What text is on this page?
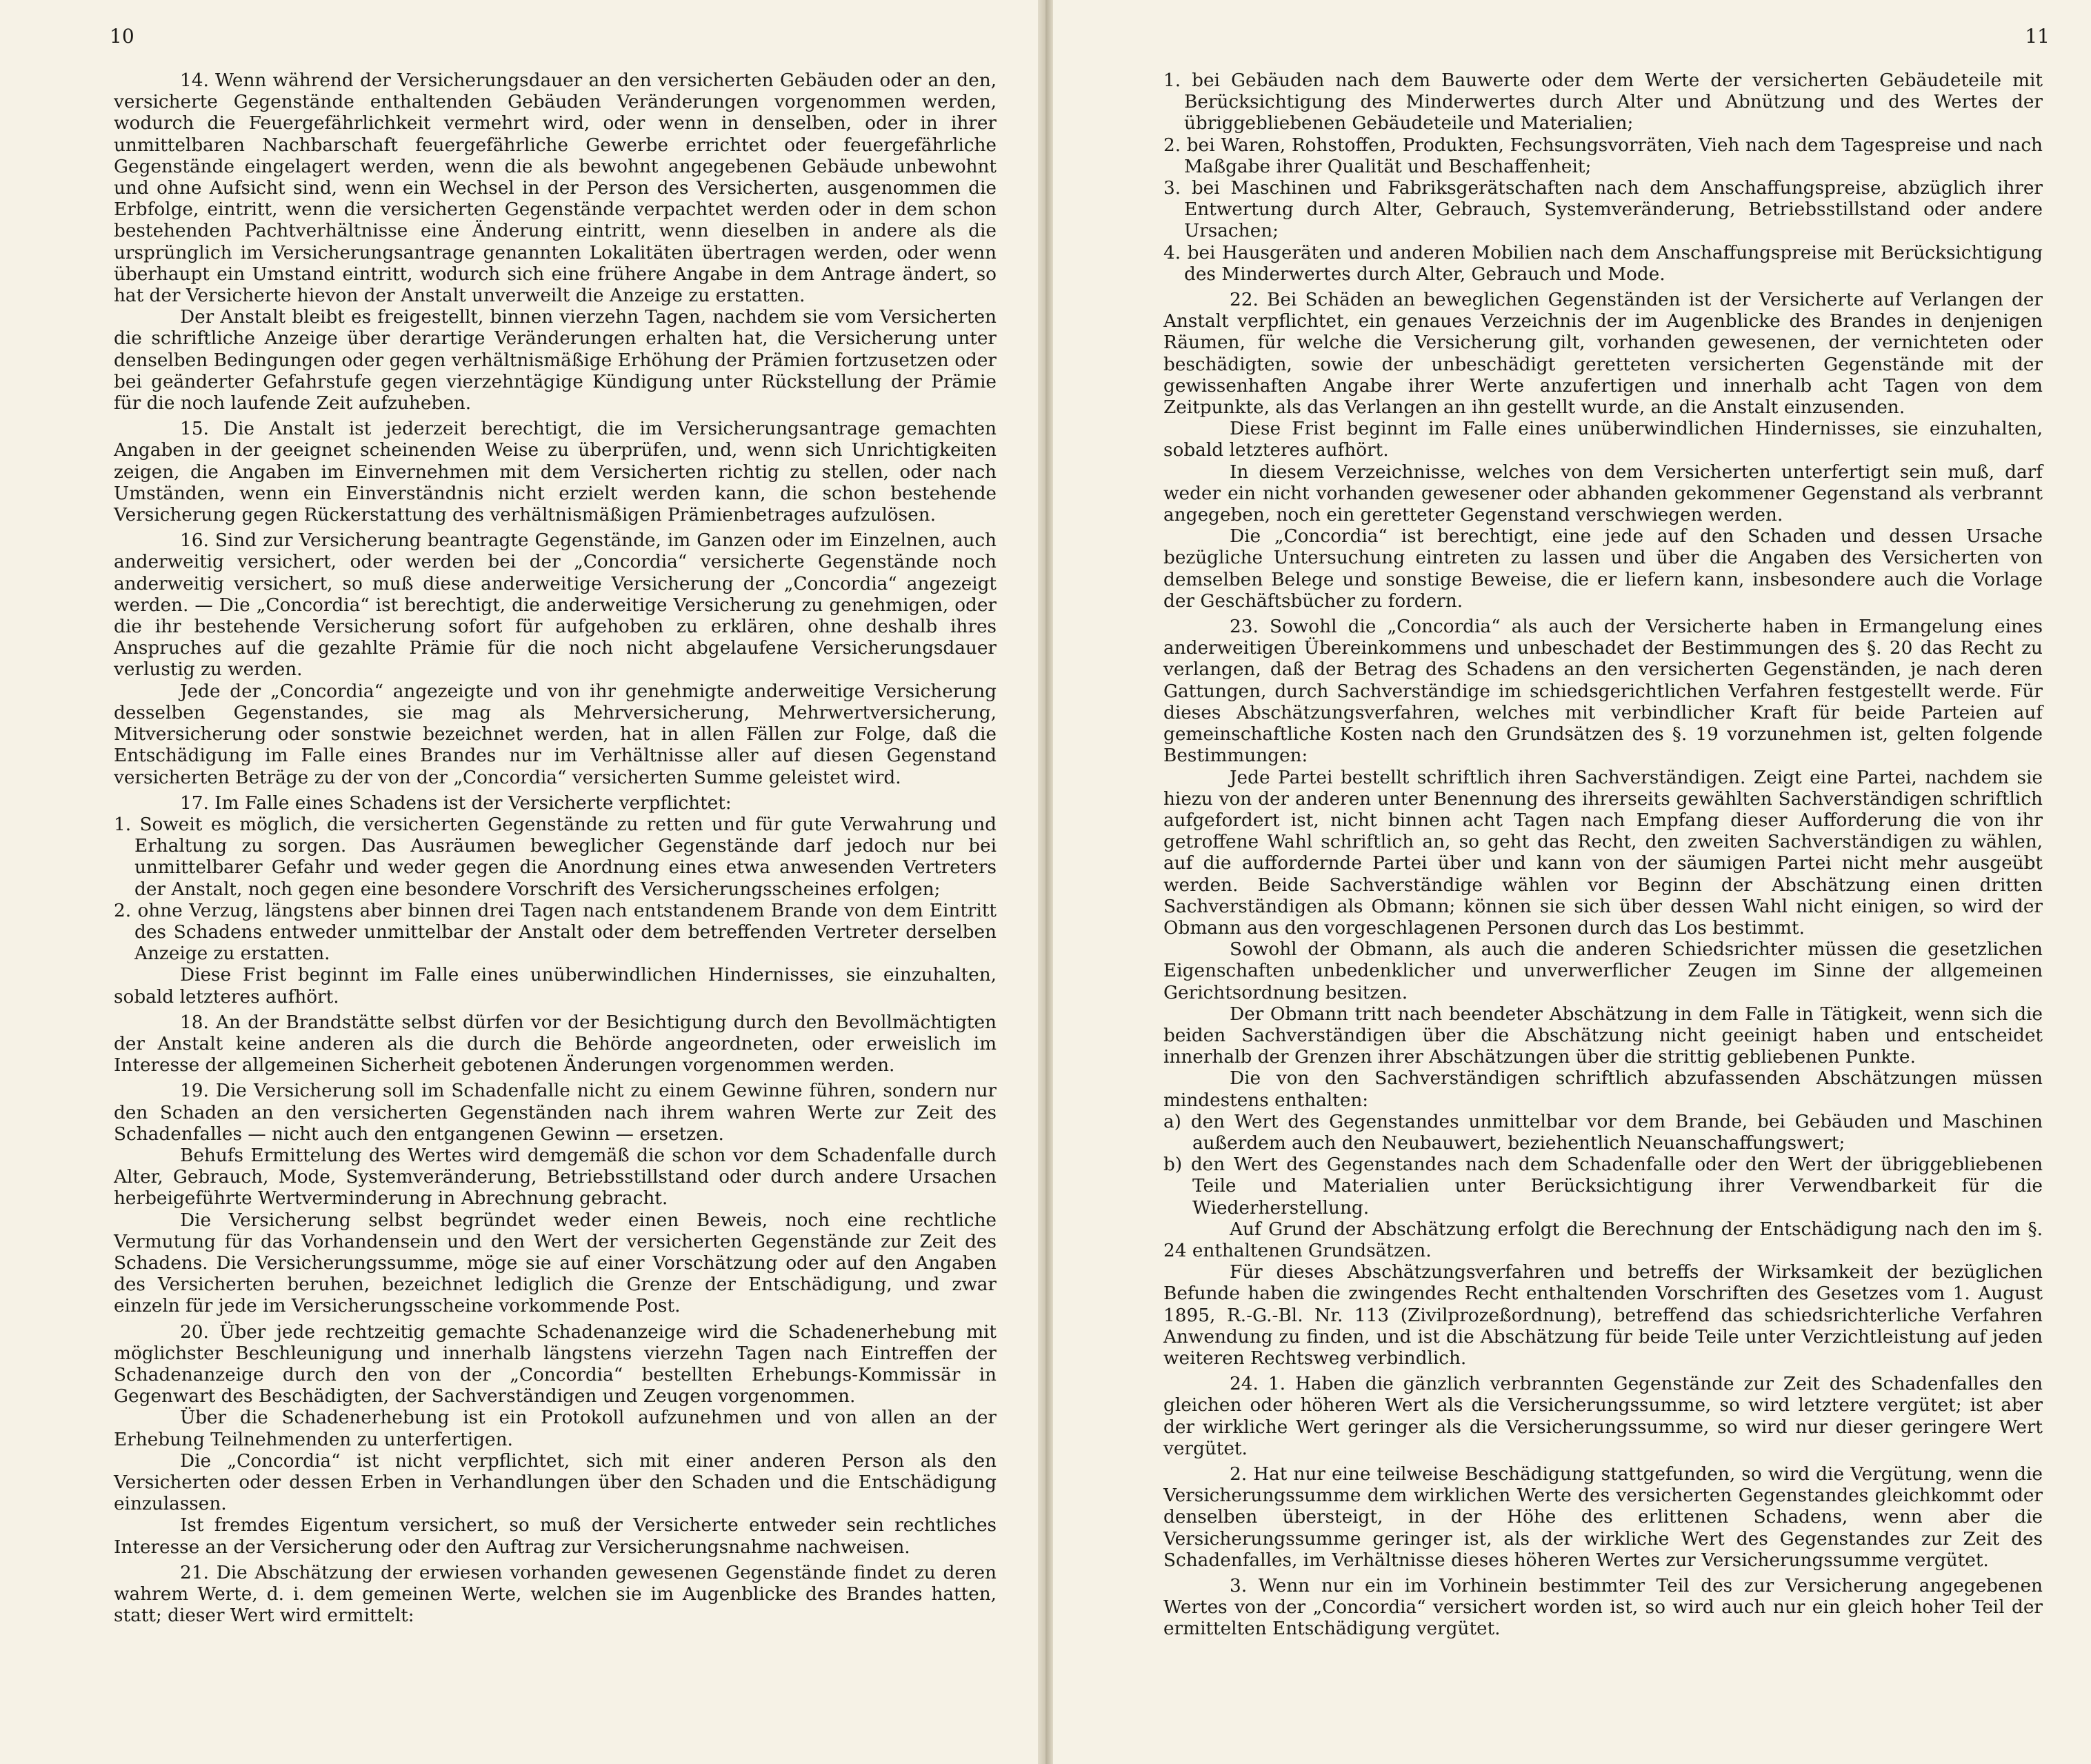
10

14. Wenn während der Versicherungsdauer an den versicherten Gebäuden oder an den, versicherte Gegenstände enthaltenden Gebäuden Veränderungen vorgenommen werden, wodurch die Feuergefährlichkeit vermehrt wird, oder wenn in denselben, oder in ihrer unmittelbaren Nachbarschaft feuergefährliche Gewerbe errichtet oder feuergefährliche Gegenstände eingelagert werden, wenn die als bewohnt angegebenen Gebäude unbewohnt und ohne Aufsicht sind, wenn ein Wechsel in der Person des Versicherten, ausgenommen die Erbfolge, eintritt, wenn die versicherten Gegenstände verpachtet werden oder in dem schon bestehenden Pachtverhältnisse eine Änderung eintritt, wenn dieselben in andere als die ursprünglich im Versicherungsantrage genannten Lokalitäten übertragen werden, oder wenn überhaupt ein Umstand eintritt, wodurch sich eine frühere Angabe in dem Antrage ändert, so hat der Versicherte hievon der Anstalt unverweilt die Anzeige zu erstatten.

Der Anstalt bleibt es freigestellt, binnen vierzehn Tagen, nachdem sie vom Versicherten die schriftliche Anzeige über derartige Veränderungen erhalten hat, die Versicherung unter denselben Bedingungen oder gegen verhältnismäßige Erhöhung der Prämien fortzusetzen oder bei geänderter Gefahrstufe gegen vierzehntägige Kündigung unter Rückstellung der Prämie für die noch laufende Zeit aufzuheben.

15. Die Anstalt ist jederzeit berechtigt, die im Versicherungsantrage gemachten Angaben in der geeignet scheinenden Weise zu überprüfen, und, wenn sich Unrichtigkeiten zeigen, die Angaben im Einvernehmen mit dem Versicherten richtig zu stellen, oder nach Umständen, wenn ein Einverständnis nicht erzielt werden kann, die schon bestehende Versicherung gegen Rückerstattung des verhältnismäßigen Prämienbetrages aufzulösen.

16. Sind zur Versicherung beantragte Gegenstände, im Ganzen oder im Einzelnen, auch anderweitig versichert, oder werden bei der „Concordia“ versicherte Gegenstände noch anderweitig versichert, so muß diese anderweitige Versicherung der „Concordia“ angezeigt werden. — Die „Concordia“ ist berechtigt, die anderweitige Versicherung zu genehmigen, oder die ihr bestehende Versicherung sofort für aufgehoben zu erklären, ohne deshalb ihres Anspruches auf die gezahlte Prämie für die noch nicht abgelaufene Versicherungsdauer verlustig zu werden.

Jede der „Concordia“ angezeigte und von ihr genehmigte anderweitige Versicherung desselben Gegenstandes, sie mag als Mehrversicherung, Mehrwertversicherung, Mitversicherung oder sonstwie bezeichnet werden, hat in allen Fällen zur Folge, daß die Entschädigung im Falle eines Brandes nur im Verhältnisse aller auf diesen Gegenstand versicherten Beträge zu der von der „Concordia“ versicherten Summe geleistet wird.

17. Im Falle eines Schadens ist der Versicherte verpflichtet:

1. Soweit es möglich, die versicherten Gegenstände zu retten und für gute Verwahrung und Erhaltung zu sorgen. Das Ausräumen beweglicher Gegenstände darf jedoch nur bei unmittelbarer Gefahr und weder gegen die Anordnung eines etwa anwesenden Vertreters der Anstalt, noch gegen eine besondere Vorschrift des Versicherungsscheines erfolgen;

2. ohne Verzug, längstens aber binnen drei Tagen nach entstandenem Brande von dem Eintritt des Schadens entweder unmittelbar der Anstalt oder dem betreffenden Vertreter derselben Anzeige zu erstatten.

Diese Frist beginnt im Falle eines unüberwindlichen Hindernisses, sie einzuhalten, sobald letzteres aufhört.

18. An der Brandstätte selbst dürfen vor der Besichtigung durch den Bevollmächtigten der Anstalt keine anderen als die durch die Behörde angeordneten, oder erweislich im Interesse der allgemeinen Sicherheit gebotenen Änderungen vorgenommen werden.

19. Die Versicherung soll im Schadenfalle nicht zu einem Gewinne führen, sondern nur den Schaden an den versicherten Gegenständen nach ihrem wahren Werte zur Zeit des Schadenfalles — nicht auch den entgangenen Gewinn — ersetzen.

Behufs Ermittelung des Wertes wird demgemäß die schon vor dem Schadenfalle durch Alter, Gebrauch, Mode, Systemveränderung, Betriebsstillstand oder durch andere Ursachen herbeigeführte Wertverminderung in Abrechnung gebracht.

Die Versicherung selbst begründet weder einen Beweis, noch eine rechtliche Vermutung für das Vorhandensein und den Wert der versicherten Gegenstände zur Zeit des Schadens. Die Versicherungssumme, möge sie auf einer Vorschätzung oder auf den Angaben des Versicherten beruhen, bezeichnet lediglich die Grenze der Entschädigung, und zwar einzeln für jede im Versicherungsscheine vorkommende Post.

20. Über jede rechtzeitig gemachte Schadenanzeige wird die Schadenerhebung mit möglichster Beschleunigung und innerhalb längstens vierzehn Tagen nach Eintreffen der Schadenanzeige durch den von der „Concordia“ bestellten Erhebungs-Kommissär in Gegenwart des Beschädigten, der Sachverständigen und Zeugen vorgenommen.

Über die Schadenerhebung ist ein Protokoll aufzunehmen und von allen an der Erhebung Teilnehmenden zu unterfertigen.

Die „Concordia“ ist nicht verpflichtet, sich mit einer anderen Person als den Versicherten oder dessen Erben in Verhandlungen über den Schaden und die Entschädigung einzulassen.

Ist fremdes Eigentum versichert, so muß der Versicherte entweder sein rechtliches Interesse an der Versicherung oder den Auftrag zur Versicherungsnahme nachweisen.

21. Die Abschätzung der erwiesen vorhanden gewesenen Gegenstände findet zu deren wahrem Werte, d. i. dem gemeinen Werte, welchen sie im Augenblicke des Brandes hatten, statt; dieser Wert wird ermittelt:

11

1. bei Gebäuden nach dem Bauwerte oder dem Werte der versicherten Gebäudeteile mit Berücksichtigung des Minderwertes durch Alter und Abnützung und des Wertes der übriggebliebenen Gebäudeteile und Materialien;

2. bei Waren, Rohstoffen, Produkten, Fechsungsvorräten, Vieh nach dem Tagespreise und nach Maßgabe ihrer Qualität und Beschaffenheit;

3. bei Maschinen und Fabriksgerätschaften nach dem Anschaffungspreise, abzüglich ihrer Entwertung durch Alter, Gebrauch, Systemveränderung, Betriebsstillstand oder andere Ursachen;

4. bei Hausgeräten und anderen Mobilien nach dem Anschaffungspreise mit Berücksichtigung des Minderwertes durch Alter, Gebrauch und Mode.

22. Bei Schäden an beweglichen Gegenständen ist der Versicherte auf Verlangen der Anstalt verpflichtet, ein genaues Verzeichnis der im Augenblicke des Brandes in denjenigen Räumen, für welche die Versicherung gilt, vorhanden gewesenen, der vernichteten oder beschädigten, sowie der unbeschädigt geretteten versicherten Gegenstände mit der gewissenhaften Angabe ihrer Werte anzufertigen und innerhalb acht Tagen von dem Zeitpunkte, als das Verlangen an ihn gestellt wurde, an die Anstalt einzusenden.

Diese Frist beginnt im Falle eines unüberwindlichen Hindernisses, sie einzuhalten, sobald letzteres aufhört.

In diesem Verzeichnisse, welches von dem Versicherten unterfertigt sein muß, darf weder ein nicht vorhanden gewesener oder abhanden gekommener Gegenstand als verbrannt angegeben, noch ein geretteter Gegenstand verschwiegen werden.

Die „Concordia“ ist berechtigt, eine jede auf den Schaden und dessen Ursache bezügliche Untersuchung eintreten zu lassen und über die Angaben des Versicherten von demselben Belege und sonstige Beweise, die er liefern kann, insbesondere auch die Vorlage der Geschäftsbücher zu fordern.

23. Sowohl die „Concordia“ als auch der Versicherte haben in Ermangelung eines anderweitigen Übereinkommens und unbeschadet der Bestimmungen des §. 20 das Recht zu verlangen, daß der Betrag des Schadens an den versicherten Gegenständen, je nach deren Gattungen, durch Sachverständige im schiedsgerichtlichen Verfahren festgestellt werde. Für dieses Abschätzungsverfahren, welches mit verbindlicher Kraft für beide Parteien auf gemeinschaftliche Kosten nach den Grundsätzen des §. 19 vorzunehmen ist, gelten folgende Bestimmungen:

Jede Partei bestellt schriftlich ihren Sachverständigen. Zeigt eine Partei, nachdem sie hiezu von der anderen unter Benennung des ihrerseits gewählten Sachverständigen schriftlich aufgefordert ist, nicht binnen acht Tagen nach Empfang dieser Aufforderung die von ihr getroffene Wahl schriftlich an, so geht das Recht, den zweiten Sachverständigen zu wählen, auf die auffordernde Partei über und kann von der säumigen Partei nicht mehr ausgeübt werden. Beide Sachverständige wählen vor Beginn der Abschätzung einen dritten Sachverständigen als Obmann; können sie sich über dessen Wahl nicht einigen, so wird der Obmann aus den vorgeschlagenen Personen durch das Los bestimmt.

Sowohl der Obmann, als auch die anderen Schiedsrichter müssen die gesetzlichen Eigenschaften unbedenklicher und unverwerflicher Zeugen im Sinne der allgemeinen Gerichtsordnung besitzen.

Der Obmann tritt nach beendeter Abschätzung in dem Falle in Tätigkeit, wenn sich die beiden Sachverständigen über die Abschätzung nicht geeinigt haben und entscheidet innerhalb der Grenzen ihrer Abschätzungen über die strittig gebliebenen Punkte.

Die von den Sachverständigen schriftlich abzufassenden Abschätzungen müssen mindestens enthalten:

a) den Wert des Gegenstandes unmittelbar vor dem Brande, bei Gebäuden und Maschinen außerdem auch den Neubauwert, beziehentlich Neuanschaffungswert;

b) den Wert des Gegenstandes nach dem Schadenfalle oder den Wert der übriggebliebenen Teile und Materialien unter Berücksichtigung ihrer Verwendbarkeit für die Wiederherstellung.

Auf Grund der Abschätzung erfolgt die Berechnung der Entschädigung nach den im §. 24 enthaltenen Grundsätzen.

Für dieses Abschätzungsverfahren und betreffs der Wirksamkeit der bezüglichen Befunde haben die zwingendes Recht enthaltenden Vorschriften des Gesetzes vom 1. August 1895, R.-G.-Bl. Nr. 113 (Zivilprozeßordnung), betreffend das schiedsrichterliche Verfahren Anwendung zu finden, und ist die Abschätzung für beide Teile unter Verzichtleistung auf jeden weiteren Rechtsweg verbindlich.

24. 1. Haben die gänzlich verbrannten Gegenstände zur Zeit des Schadenfalles den gleichen oder höheren Wert als die Versicherungssumme, so wird letztere vergütet; ist aber der wirkliche Wert geringer als die Versicherungssumme, so wird nur dieser geringere Wert vergütet.

2. Hat nur eine teilweise Beschädigung stattgefunden, so wird die Vergütung, wenn die Versicherungssumme dem wirklichen Werte des versicherten Gegenstandes gleichkommt oder denselben übersteigt, in der Höhe des erlittenen Schadens, wenn aber die Versicherungssumme geringer ist, als der wirkliche Wert des Gegenstandes zur Zeit des Schadenfalles, im Verhältnisse dieses höheren Wertes zur Versicherungssumme vergütet.

3. Wenn nur ein im Vorhinein bestimmter Teil des zur Versicherung angegebenen Wertes von der „Concordia“ versichert worden ist, so wird auch nur ein gleich hoher Teil der ermittelten Entschädigung vergütet.
